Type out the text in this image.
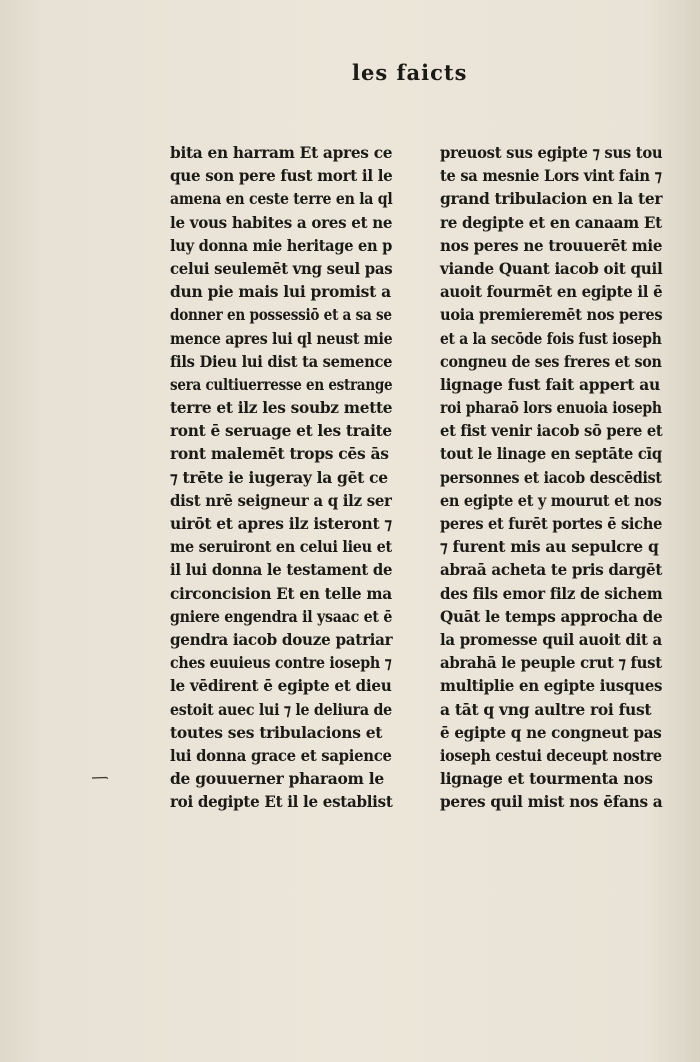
les faicts
bita en harram Et apres ce
que son pere fust mort il le
amena en ceste terre en la ql
le vous habites a ores et ne
luy donna mie heritage en p
celui seulemēt vng seul pas
dun pie mais lui promist a
donner en possessiō et a sa se
mence apres lui ql neust mie
fils Dieu lui dist ta semence
sera cultiuerresse en estrange
terre et ilz les soubz mette
ront ē seruage et les traite
ront malemēt trops cēs ās
⁊ trēte ie iugeray la gēt ce
dist nrē seigneur a q ilz ser
uirōt et apres ilz isteront ⁊
me seruiront en celui lieu et
il lui donna le testament de
circoncision Et en telle ma
gniere engendra il ysaac et ē
gendra iacob douze patriar
ches euuieus contre ioseph ⁊
le vēdirent ē egipte et dieu
estoit auec lui ⁊ le deliura de
toutes ses tribulacions et
lui donna grace et sapience
de gouuerner pharaom le
roi degipte Et il le establist
preuost sus egipte ⁊ sus tou
te sa mesnie Lors vint fain ⁊
grand tribulacion en la ter
re degipte et en canaam Et
nos peres ne trouuerēt mie
viande Quant iacob oit quil
auoit fourmēt en egipte il ē
uoia premieremēt nos peres
et a la secōde fois fust ioseph
congneu de ses freres et son
lignage fust fait appert au
roi pharaō lors enuoia ioseph
et fist venir iacob sō pere et
tout le linage en septāte cīq
personnes et iacob descēdist
en egipte et y mourut et nos
peres et furēt portes ē siche
⁊ furent mis au sepulcre q
abraā acheta te pris dargēt
des fils emor filz de sichem
Quāt le temps approcha de
la promesse quil auoit dit a
abrahā le peuple crut ⁊ fust
multiplie en egipte iusques
a tāt q vng aultre roi fust
ē egipte q ne congneut pas
ioseph cestui deceupt nostre
lignage et tourmenta nos
peres quil mist nos ēfans a
